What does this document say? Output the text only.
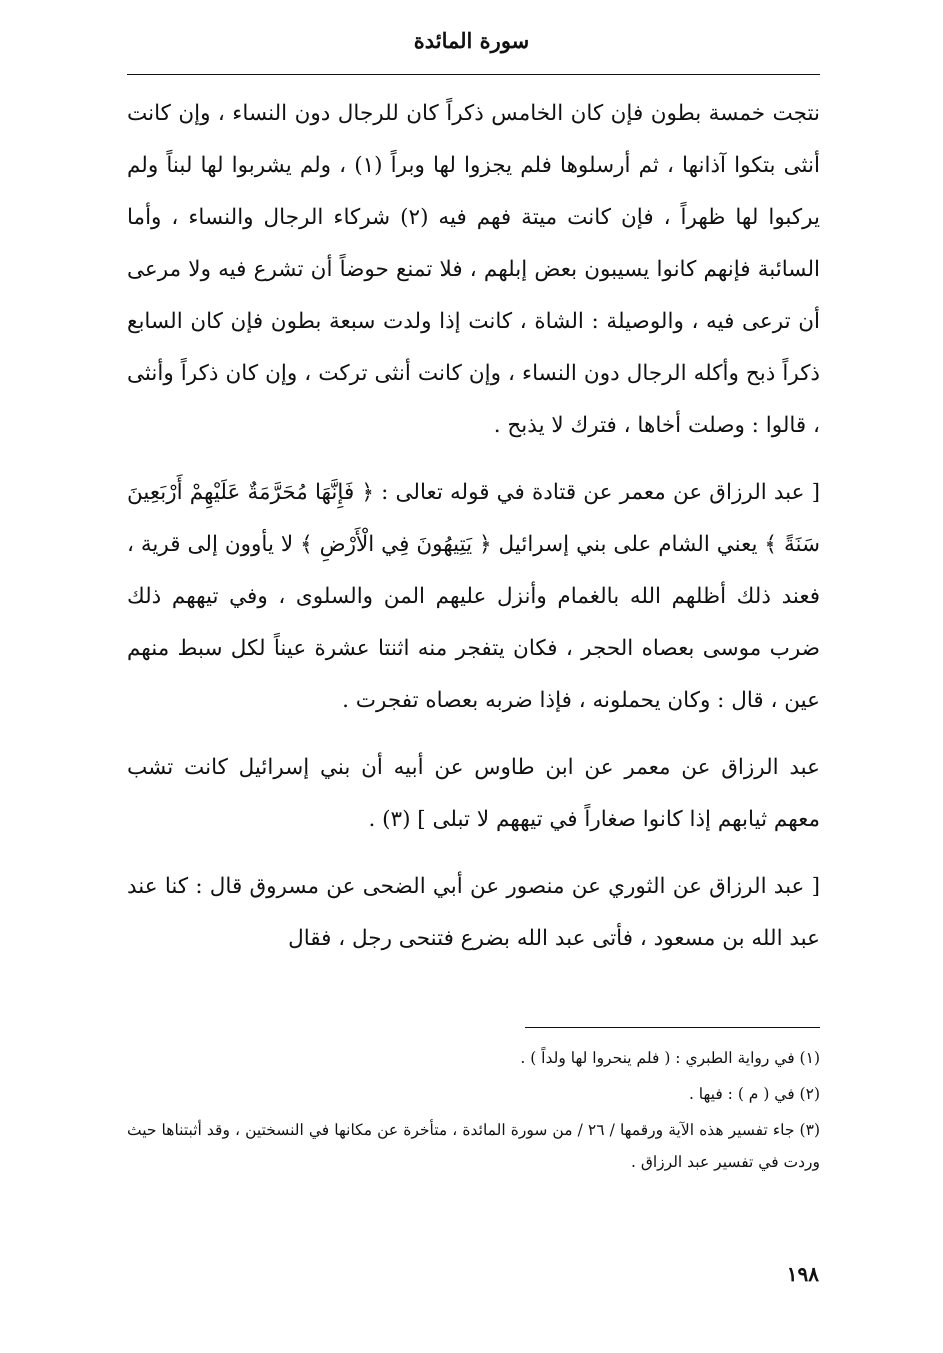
سورة المائدة

نتجت خمسة بطون فإن كان الخامس ذكراً كان للرجال دون النساء ، وإن كانت أنثى بتكوا آذانها ، ثم أرسلوها فلم يجزوا لها وبراً (١) ، ولم يشربوا لها لبناً ولم يركبوا لها ظهراً ، فإن كانت ميتة فهم فيه (٢) شركاء الرجال والنساء ، وأما السائبة فإنهم كانوا يسيبون بعض إبلهم ، فلا تمنع حوضاً أن تشرع فيه ولا مرعى أن ترعى فيه ، والوصيلة : الشاة ، كانت إذا ولدت سبعة بطون فإن كان السابع ذكراً ذبح وأكله الرجال دون النساء ، وإن كانت أنثى تركت ، وإن كان ذكراً وأنثى ، قالوا : وصلت أخاها ، فترك لا يذبح .

[ عبد الرزاق عن معمر عن قتادة في قوله تعالى : ﴿ فَإِنَّهَا مُحَرَّمَةٌ عَلَيْهِمْ أَرْبَعِينَ سَنَةً ﴾ يعني الشام على بني إسرائيل ﴿ يَتِيهُونَ فِي الْأَرْضِ ﴾ لا يأوون إلى قرية ، فعند ذلك أظلهم الله بالغمام وأنزل عليهم المن والسلوى ، وفي تيههم ذلك ضرب موسى بعصاه الحجر ، فكان يتفجر منه اثنتا عشرة عيناً لكل سبط منهم عين ، قال : وكان يحملونه ، فإذا ضربه بعصاه تفجرت .

عبد الرزاق عن معمر عن ابن طاوس عن أبيه أن بني إسرائيل كانت تشب معهم ثيابهم إذا كانوا صغاراً في تيههم لا تبلى ] (٣) .

[ عبد الرزاق عن الثوري عن منصور عن أبي الضحى عن مسروق قال : كنا عند عبد الله بن مسعود ، فأتى عبد الله بضرع فتنحى رجل ، فقال

(١) في رواية الطبري : ( فلم ينحروا لها ولداً ) .

(٢) في ( م ) : فيها .

(٣) جاء تفسير هذه الآية ورقمها / ٢٦ / من سورة المائدة ، متأخرة عن مكانها في النسختين ، وقد أثبتناها حيث وردت في تفسير عبد الرزاق .

١٩٨
